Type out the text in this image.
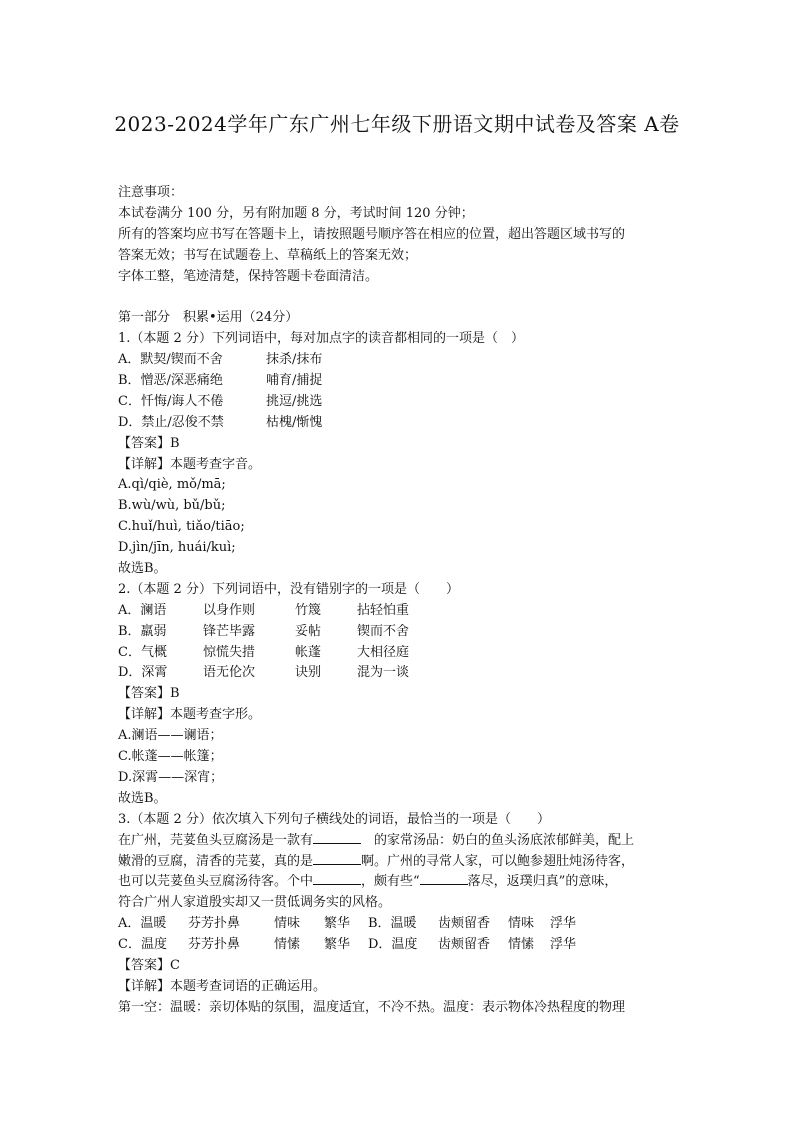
2023-2024学年广东广州七年级下册语文期中试卷及答案 A卷
注意事项：
本试卷满分 100 分，另有附加题 8 分，考试时间 120 分钟；
所有的答案均应书写在答题卡上，请按照题号顺序答在相应的位置，超出答题区域书写的
答案无效；书写在试题卷上、草稿纸上的答案无效；
字体工整，笔迹清楚，保持答题卡卷面清洁。
第一部分　积累•运用（24分）
1.（本题 2 分）下列词语中，每对加点字的读音都相同的一项是（　）
A．默契/锲而不舍	抹杀/抹布
B．憎恶/深恶痛绝	哺育/捕捉
C．忏悔/诲人不倦	挑逗/挑选
D．禁止/忍俊不禁	枯槐/惭愧
【答案】B
【详解】本题考查字音。
A.qì/qiè, mǒ/mā;
B.wù/wù, bǔ/bǔ;
C.huǐ/huì, tiǎo/tiāo;
D.jìn/jīn, huái/kuì;
故选B。
2.（本题 2 分）下列词语中，没有错别字的一项是（　　）
A．澜语	以身作则	竹篾	拈轻怕重
B．羸弱	锋芒毕露	妥帖	锲而不舍
C．气概	惊慌失措	帐蓬	大相径庭
D．深霄	语无伦次	诀别	混为一谈
【答案】B
【详解】本题考查字形。
A.澜语——谰语；
C.帐蓬——帐篷；
D.深霄——深宵；
故选B。
3.（本题 2 分）依次填入下列句子横线处的词语，最恰当的一项是（　　）
在广州，芫荽鱼头豆腐汤是一款有	　的家常汤品：奶白的鱼头汤底浓郁鲜美，配上
嫩滑的豆腐，清香的芫荽，真的是	啊。广州的寻常人家，可以鲍参翅肚炖汤待客，
也可以芫荽鱼头豆腐汤待客。个中	，颇有些“	落尽，返璞归真”的意味，
符合广州人家道殷实却又一贯低调务实的风格。
A．温暖 芬芳扑鼻	情味 繁华 B．温暖 齿颊留香 情味 浮华
C．温度 芬芳扑鼻	情愫 繁华 D．温度 齿颊留香 情愫 浮华
【答案】C
【详解】本题考查词语的正确运用。
第一空：温暖：亲切体贴的氛围，温度适宜，不冷不热。温度：表示物体冷热程度的物理
